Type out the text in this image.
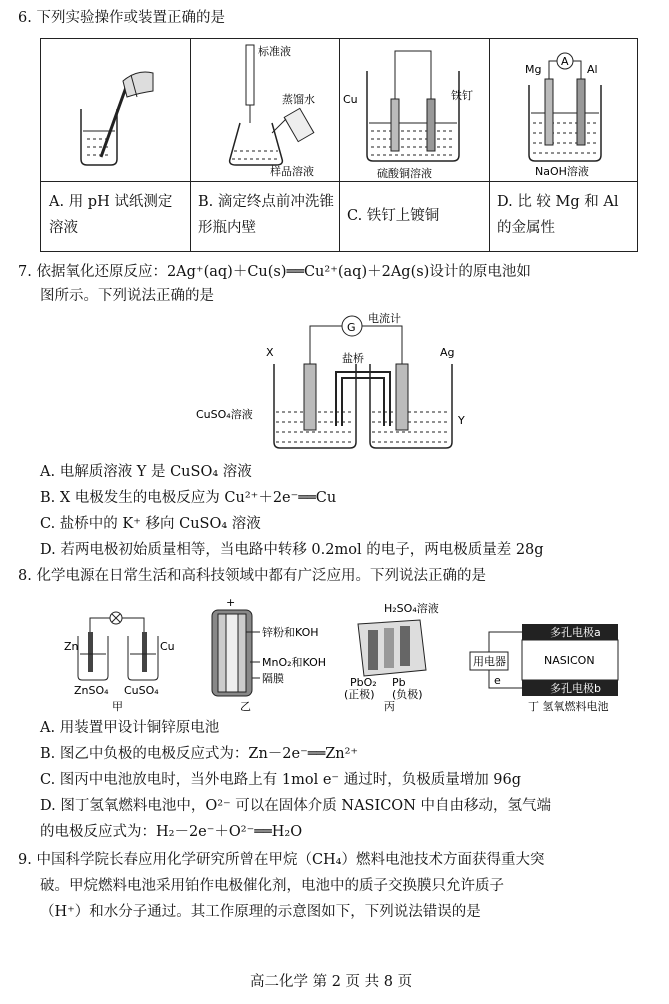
6. 下列实验操作或装置正确的是
A. 用 pH 试纸测定溶液
标准液
蒸馏水
样品溶液
B. 滴定终点前冲洗锥形瓶内壁
Cu	铁钉
硫酸铜溶液
C. 铁钉上镀铜
A
Mg	Al
NaOH溶液
D. 比 较 Mg 和 Al 的金属性
7. 依据氧化还原反应：2Ag⁺(aq)＋Cu(s)══Cu²⁺(aq)＋2Ag(s)设计的原电池如
图所示。下列说法正确的是
G
电流计
盐桥
X	Ag
CuSO₄溶液	Y
A. 电解质溶液 Y 是 CuSO₄ 溶液
B. X 电极发生的电极反应为 Cu²⁺＋2e⁻══Cu
C. 盐桥中的 K⁺ 移向 CuSO₄ 溶液
D. 若两电极初始质量相等，当电路中转移 0.2mol 的电子，两电极质量差 28g
8. 化学电源在日常生活和高科技领域中都有广泛应用。下列说法正确的是
Zn	Cu
ZnSO₄ CuSO₄
甲
+
锌粉和KOH
MnO₂和KOH
隔膜
乙
H₂SO₄溶液
PbO₂
(正极)
Pb
(负极)
丙
用电器
e
多孔电极a
NASICON
多孔电极b
丁 氢氧燃料电池
A. 用装置甲设计铜锌原电池
B. 图乙中负极的电极反应式为：Zn－2e⁻══Zn²⁺
C. 图丙中电池放电时，当外电路上有 1mol e⁻ 通过时，负极质量增加 96g
D. 图丁氢氧燃料电池中，O²⁻ 可以在固体介质 NASICON 中自由移动，氢气端
的电极反应式为：H₂－2e⁻＋O²⁻══H₂O
9. 中国科学院长春应用化学研究所曾在甲烷（CH₄）燃料电池技术方面获得重大突
破。甲烷燃料电池采用铂作电极催化剂，电池中的质子交换膜只允许质子
（H⁺）和水分子通过。其工作原理的示意图如下，下列说法错误的是
高二化学 第 2 页 共 8 页
